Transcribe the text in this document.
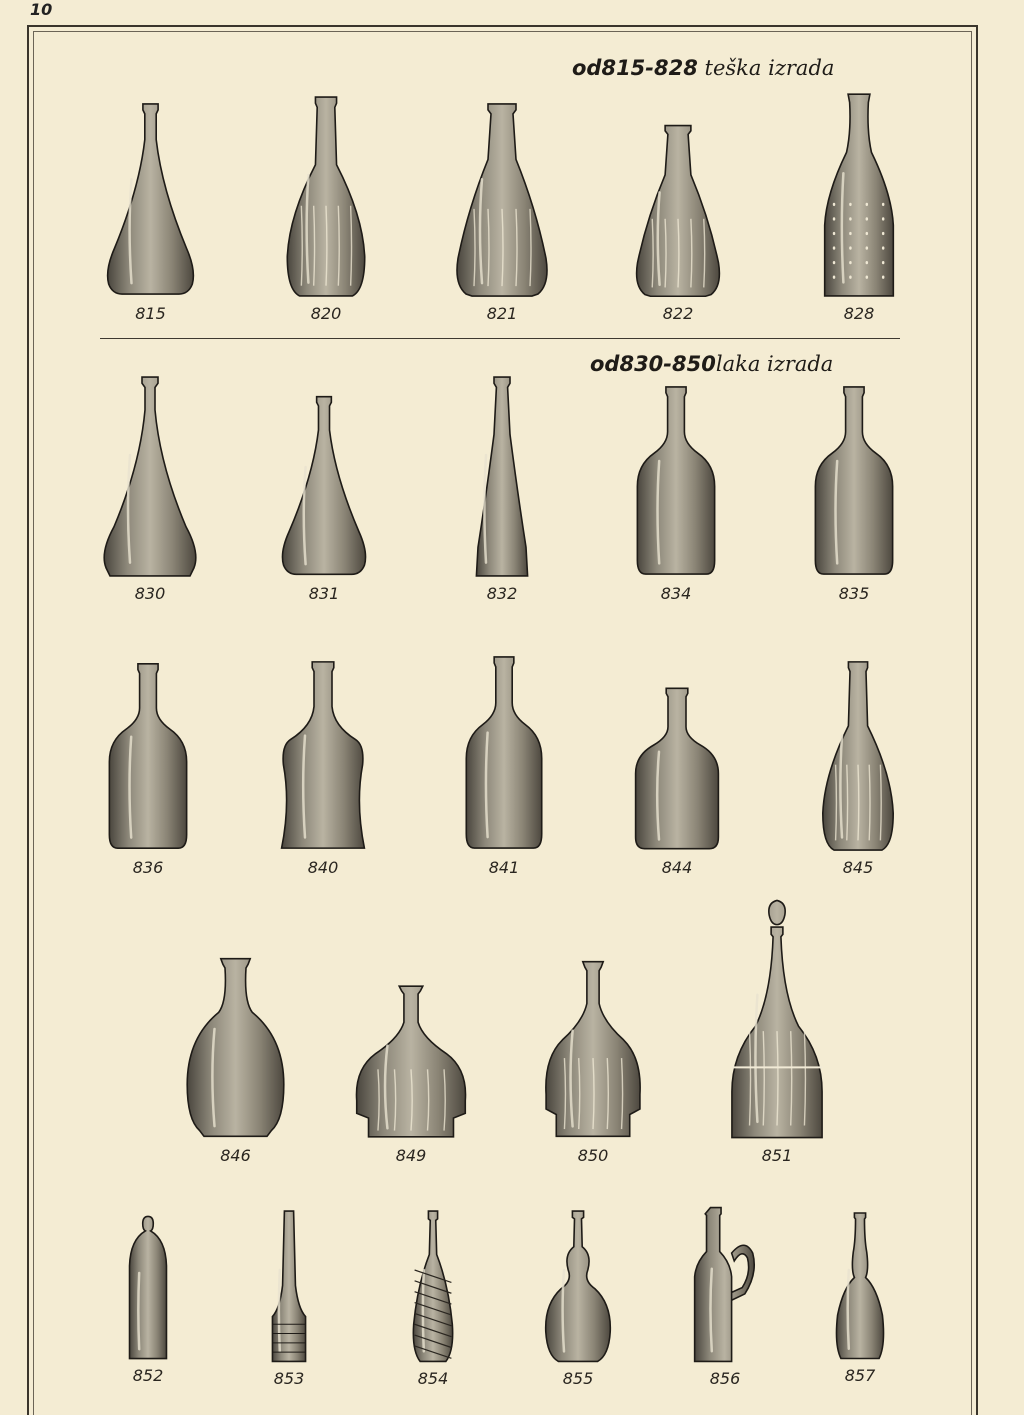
10
od815-828 teška izrada
od830-850laka izrada
815	820	821	822	828
830	831	832	834	835
836	840	841	844	845
846	849	850	851
852	853	854	855	856	857
